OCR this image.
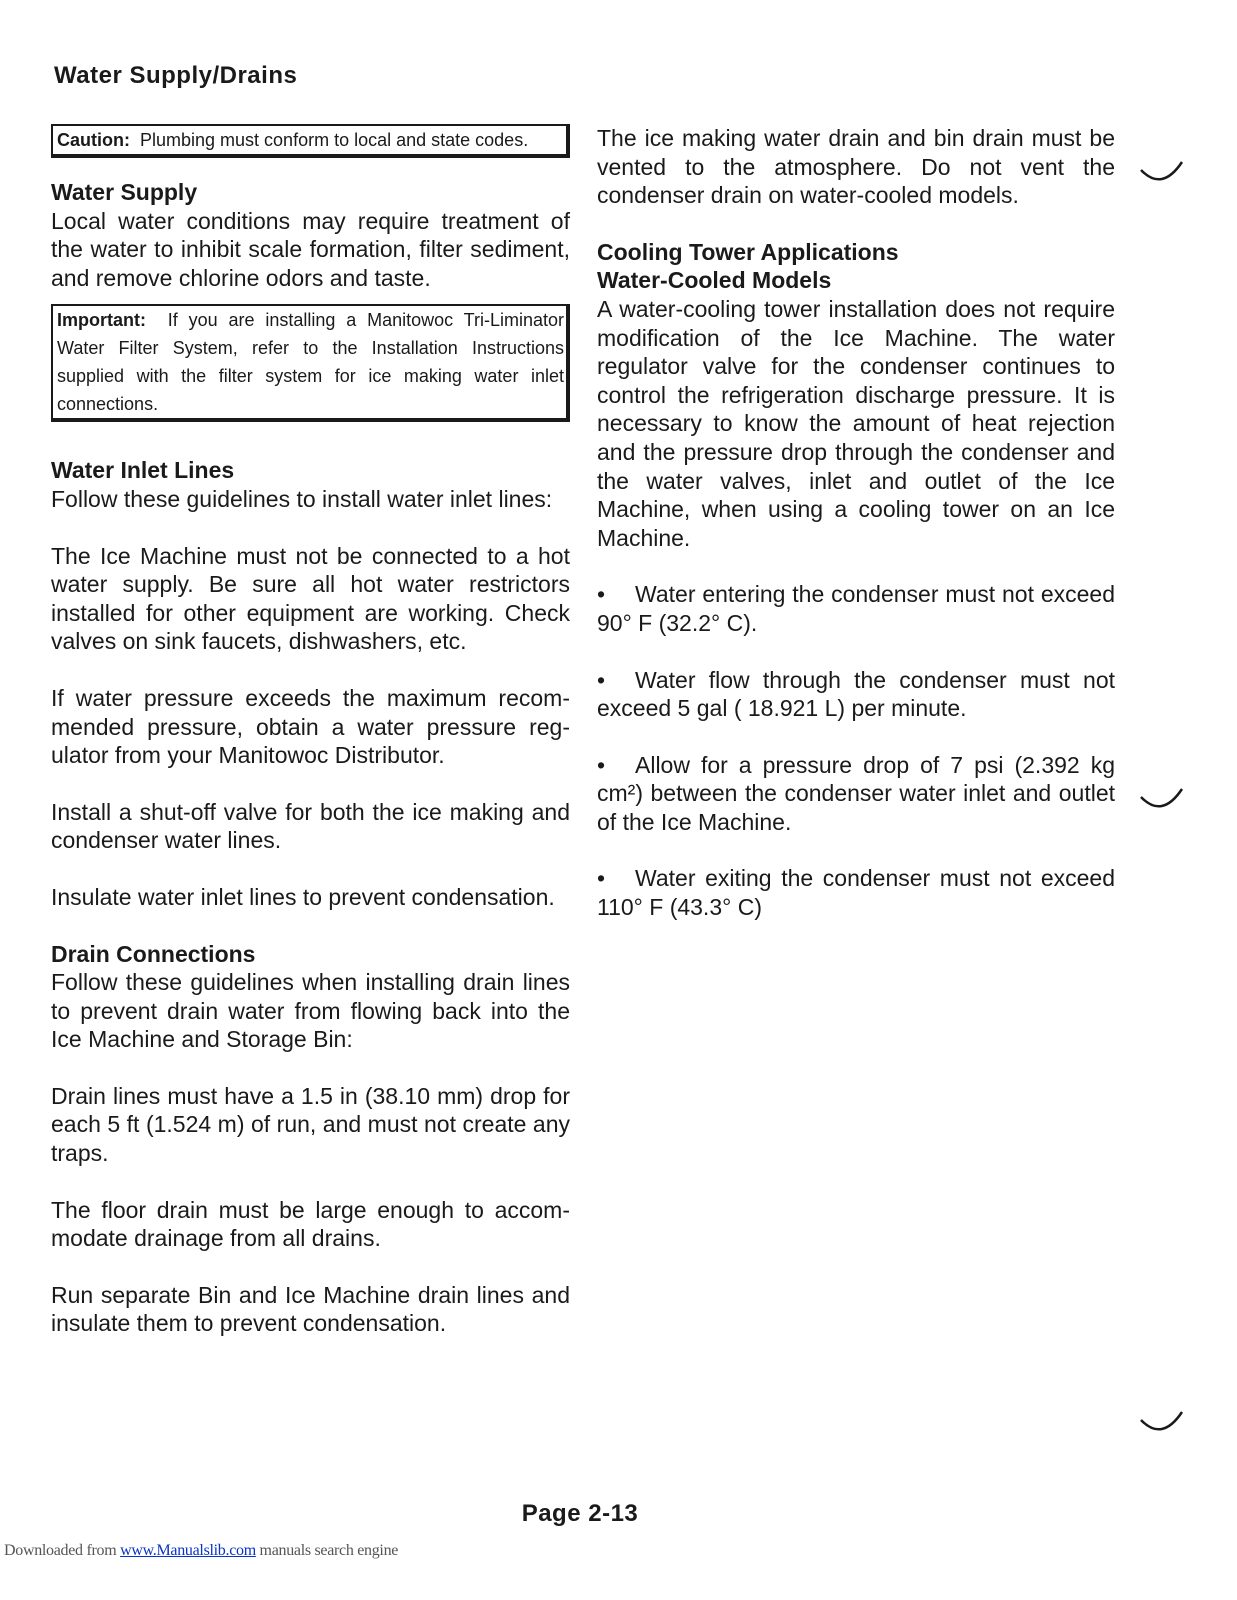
Water Supply/Drains
Caution: Plumbing must conform to local and state codes.
Water Supply

Local water conditions may require treatment of the water to inhibit scale formation, filter sediment, and remove chlorine odors and taste.

Important: If you are installing a Manitowoc Tri-Liminator Water Filter System, refer to the Installation Instructions supplied with the filter system for ice making water inlet connections.
Water Inlet Lines

Follow these guidelines to install water inlet lines:

The Ice Machine must not be connected to a hot water supply. Be sure all hot water restrictors installed for other equipment are working. Check valves on sink faucets, dishwashers, etc.

If water pressure exceeds the maximum recommended pressure, obtain a water pressure regulator from your Manitowoc Distributor.

Install a shut-off valve for both the ice making and condenser water lines.

Insulate water inlet lines to prevent condensation.

Drain Connections

Follow these guidelines when installing drain lines to prevent drain water from flowing back into the Ice Machine and Storage Bin:

Drain lines must have a 1.5 in (38.10 mm) drop for each 5 ft (1.524 m) of run, and must not create any traps.

The floor drain must be large enough to accommodate drainage from all drains.

Run separate Bin and Ice Machine drain lines and insulate them to prevent condensation.

The ice making water drain and bin drain must be vented to the atmosphere. Do not vent the condenser drain on water-cooled models.

Cooling Tower Applications
Water-Cooled Models

A water-cooling tower installation does not require modification of the Ice Machine. The water regulator valve for the condenser continues to control the refrigeration discharge pressure. It is necessary to know the amount of heat rejection and the pressure drop through the condenser and the water valves, inlet and outlet of the Ice Machine, when using a cooling tower on an Ice Machine.

• Water entering the condenser must not exceed 90° F (32.2° C).

• Water flow through the condenser must not exceed 5 gal ( 18.921 L) per minute.

• Allow for a pressure drop of 7 psi (2.392 kg cm²) between the condenser water inlet and outlet of the Ice Machine.

• Water exiting the condenser must not exceed 110° F (43.3° C)

Page 2-13
Downloaded from www.Manualslib.com manuals search engine
